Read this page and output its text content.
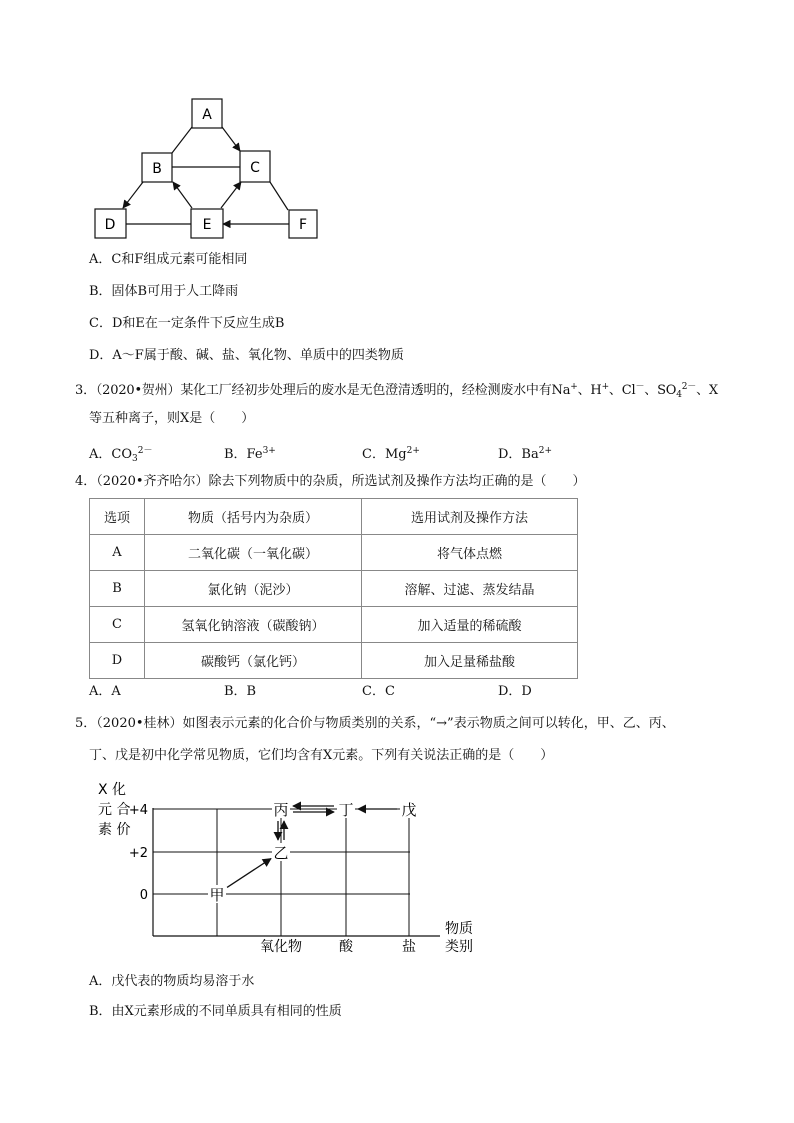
A
B	C
D	E	F
A．C和F组成元素可能相同
B．固体B可用于人工降雨
C．D和E在一定条件下反应生成B
D．A～F属于酸、碱、盐、氧化物、单质中的四类物质
3．（2020•贺州）某化工厂经初步处理后的废水是无色澄清透明的，经检测废水中有Na+、H+、Cl－、$SO_4^{2-}$、X
等五种离子，则X是（　　）
A．$CO_3^{2-}$	B．$Fe^{3+}$	C．$Mg^{2+}$	D．$Ba^{2+}$
4．（2020•齐齐哈尔）除去下列物质中的杂质，所选试剂及操作方法均正确的是（　　）
选项	物质（括号内为杂质）	选用试剂及操作方法
A	二氧化碳（一氧化碳）	将气体点燃
B	氯化钠（泥沙）	溶解、过滤、蒸发结晶
C	氢氧化钠溶液（碳酸钠）	加入适量的稀硫酸
D	碳酸钙（氯化钙）	加入足量稀盐酸
A．A	B．B	C．C	D．D
5．（2020•桂林）如图表示元素的化合价与物质类别的关系，“→”表示物质之间可以转化，甲、乙、丙、
丁、戊是初中化学常见物质，它们均含有X元素。下列有关说法正确的是（　　）
X 化
元 合
素 价
+4
+2
0
氧化物	酸	盐
物质
类别
甲
乙
丙	丁	戊
A．戊代表的物质均易溶于水
B．由X元素形成的不同单质具有相同的性质
